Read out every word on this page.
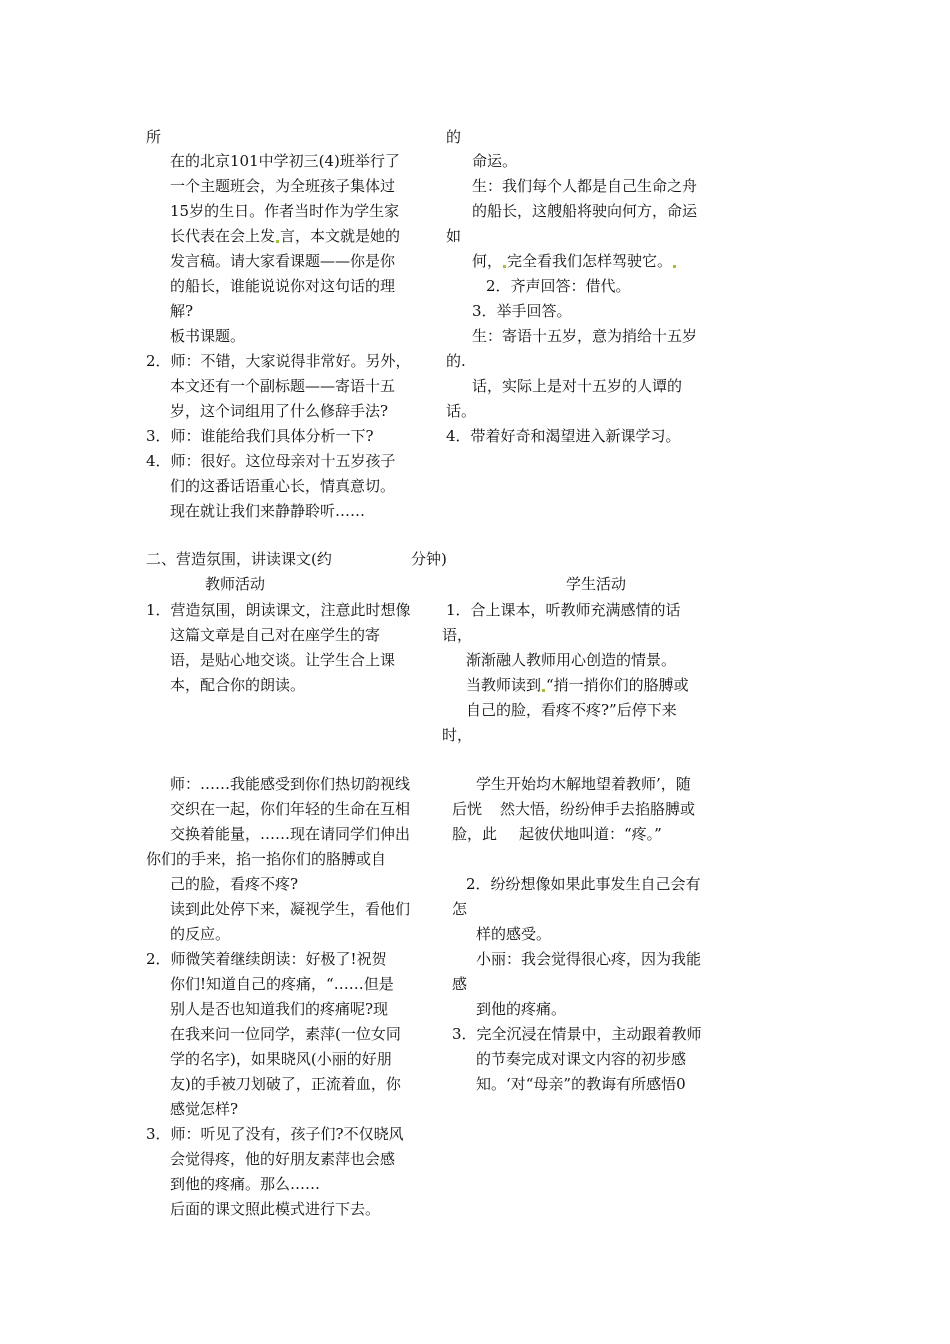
所
在的北京101中学初三(4)班举行了
一个主题班会，为全班孩子集体过
15岁的生日。作者当时作为学生家
长代表在会上发 言，本文就是她的
发言稿。请大家看课题——你是你
的船长，谁能说说你对这句话的理
解?
板书课题。
2．师：不错，大家说得非常好。另外，
本文还有一个副标题——寄语十五
岁，这个词组用了什么修辞手法?
3．师：谁能给我们具体分析一下?
4．师：很好。这位母亲对十五岁孩子
们的这番话语重心长，情真意切。
现在就让我们来静静聆听……
的
命运。
生：我们每个人都是自己生命之舟
的船长，这艘船将驶向何方，命运
如
何， 完全看我们怎样驾驶它。
2．齐声回答：借代。
3．举手回答。
生：寄语十五岁，意为捎给十五岁
的.
话，实际上是对十五岁的人谭的
话。
4．带着好奇和渴望进入新课学习。
二、营造氛围，讲读课文(约	分钟)
教师活动	学生活动
1．营造氛围，朗读课文，注意此时想像
这篇文章是自己对在座学生的寄
语，是贴心地交谈。让学生合上课
本，配合你的朗读。
1．合上课本，听教师充满感情的话
语，
渐渐融人教师用心创造的情景。
当教师读到 “捎一捎你们的胳膊或
自己的脸，看疼不疼?”后停下来
时，
师：……我能感受到你们热切韵视线
交织在一起，你们年轻的生命在互相
交换着能量，……现在请同学们伸出
你们的手来，掐一掐你们的胳膊或自
己的脸，看疼不疼?
读到此处停下来，凝视学生，看他们
的反应。
2．师微笑着继续朗读：好极了!祝贺
你们!知道自己的疼痛，“……但是
别人是否也知道我们的疼痛呢?现
在我来问一位同学，素萍(一位女同
学的名字)，如果晓风(小丽的好朋
友)的手被刀划破了，正流着血，你
感觉怎样?
3．师：听见了没有，孩子们?不仅晓风
会觉得疼，他的好朋友素萍也会感
到他的疼痛。那么……
后面的课文照此模式进行下去。
学生开始均木解地望着教师’，随
后恍 然大悟，纷纷伸手去掐胳膊或
脸，此 起彼伏地叫道：“疼。”
2．纷纷想像如果此事发生自己会有
怎
样的感受。
小丽：我会觉得很心疼，因为我能
感
到他的疼痛。
3．完全沉浸在情景中，主动跟着教师
的节奏完成对课文内容的初步感
知。‘对“母亲”的教诲有所感悟0
